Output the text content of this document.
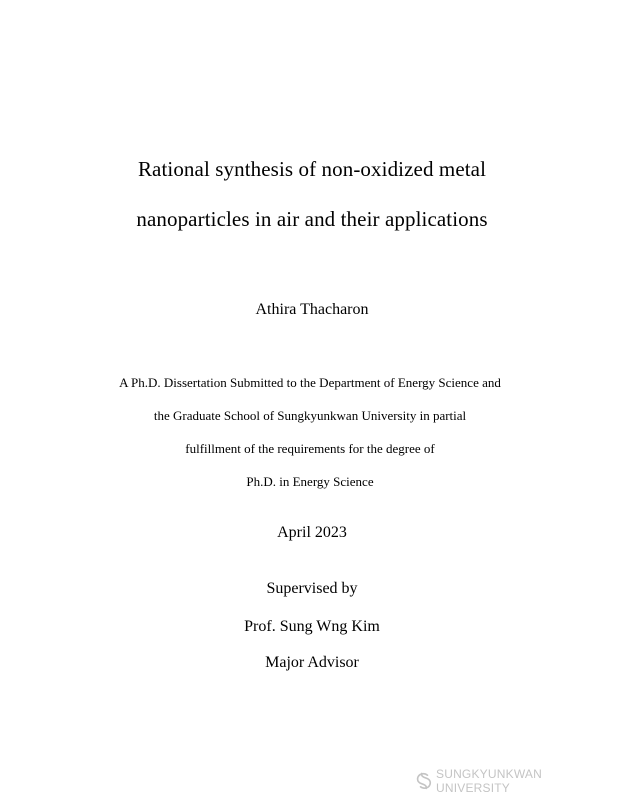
Rational synthesis of non-oxidized metal
nanoparticles in air and their applications
Athira Thacharon
A Ph.D. Dissertation Submitted to the Department of Energy Science and
the Graduate School of Sungkyunkwan University in partial
fulfillment of the requirements for the degree of
Ph.D. in Energy Science
April 2023
Supervised by
Prof. Sung Wng Kim
Major Advisor
SUNGKYUNKWAN UNIVERSITY
